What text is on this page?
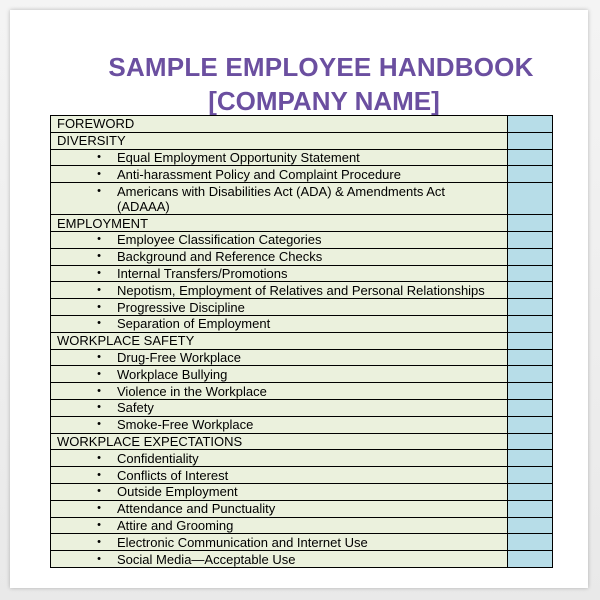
SAMPLE EMPLOYEE HANDBOOK
[COMPANY NAME]
FOREWORD	

DIVERSITY	

• Equal Employment Opportunity Statement	

• Anti-harassment Policy and Complaint Procedure	

• Americans with Disabilities Act (ADA) & Amendments Act (ADAAA)	

EMPLOYMENT	

• Employee Classification Categories	

• Background and Reference Checks	

• Internal Transfers/Promotions	

• Nepotism, Employment of Relatives and Personal Relationships	

• Progressive Discipline	

• Separation of Employment	

WORKPLACE SAFETY	

• Drug-Free Workplace	

• Workplace Bullying	

• Violence in the Workplace	

• Safety	

• Smoke-Free Workplace	

WORKPLACE EXPECTATIONS	

• Confidentiality	

• Conflicts of Interest	

• Outside Employment	

• Attendance and Punctuality	

• Attire and Grooming	

• Electronic Communication and Internet Use	

• Social Media—Acceptable Use	
